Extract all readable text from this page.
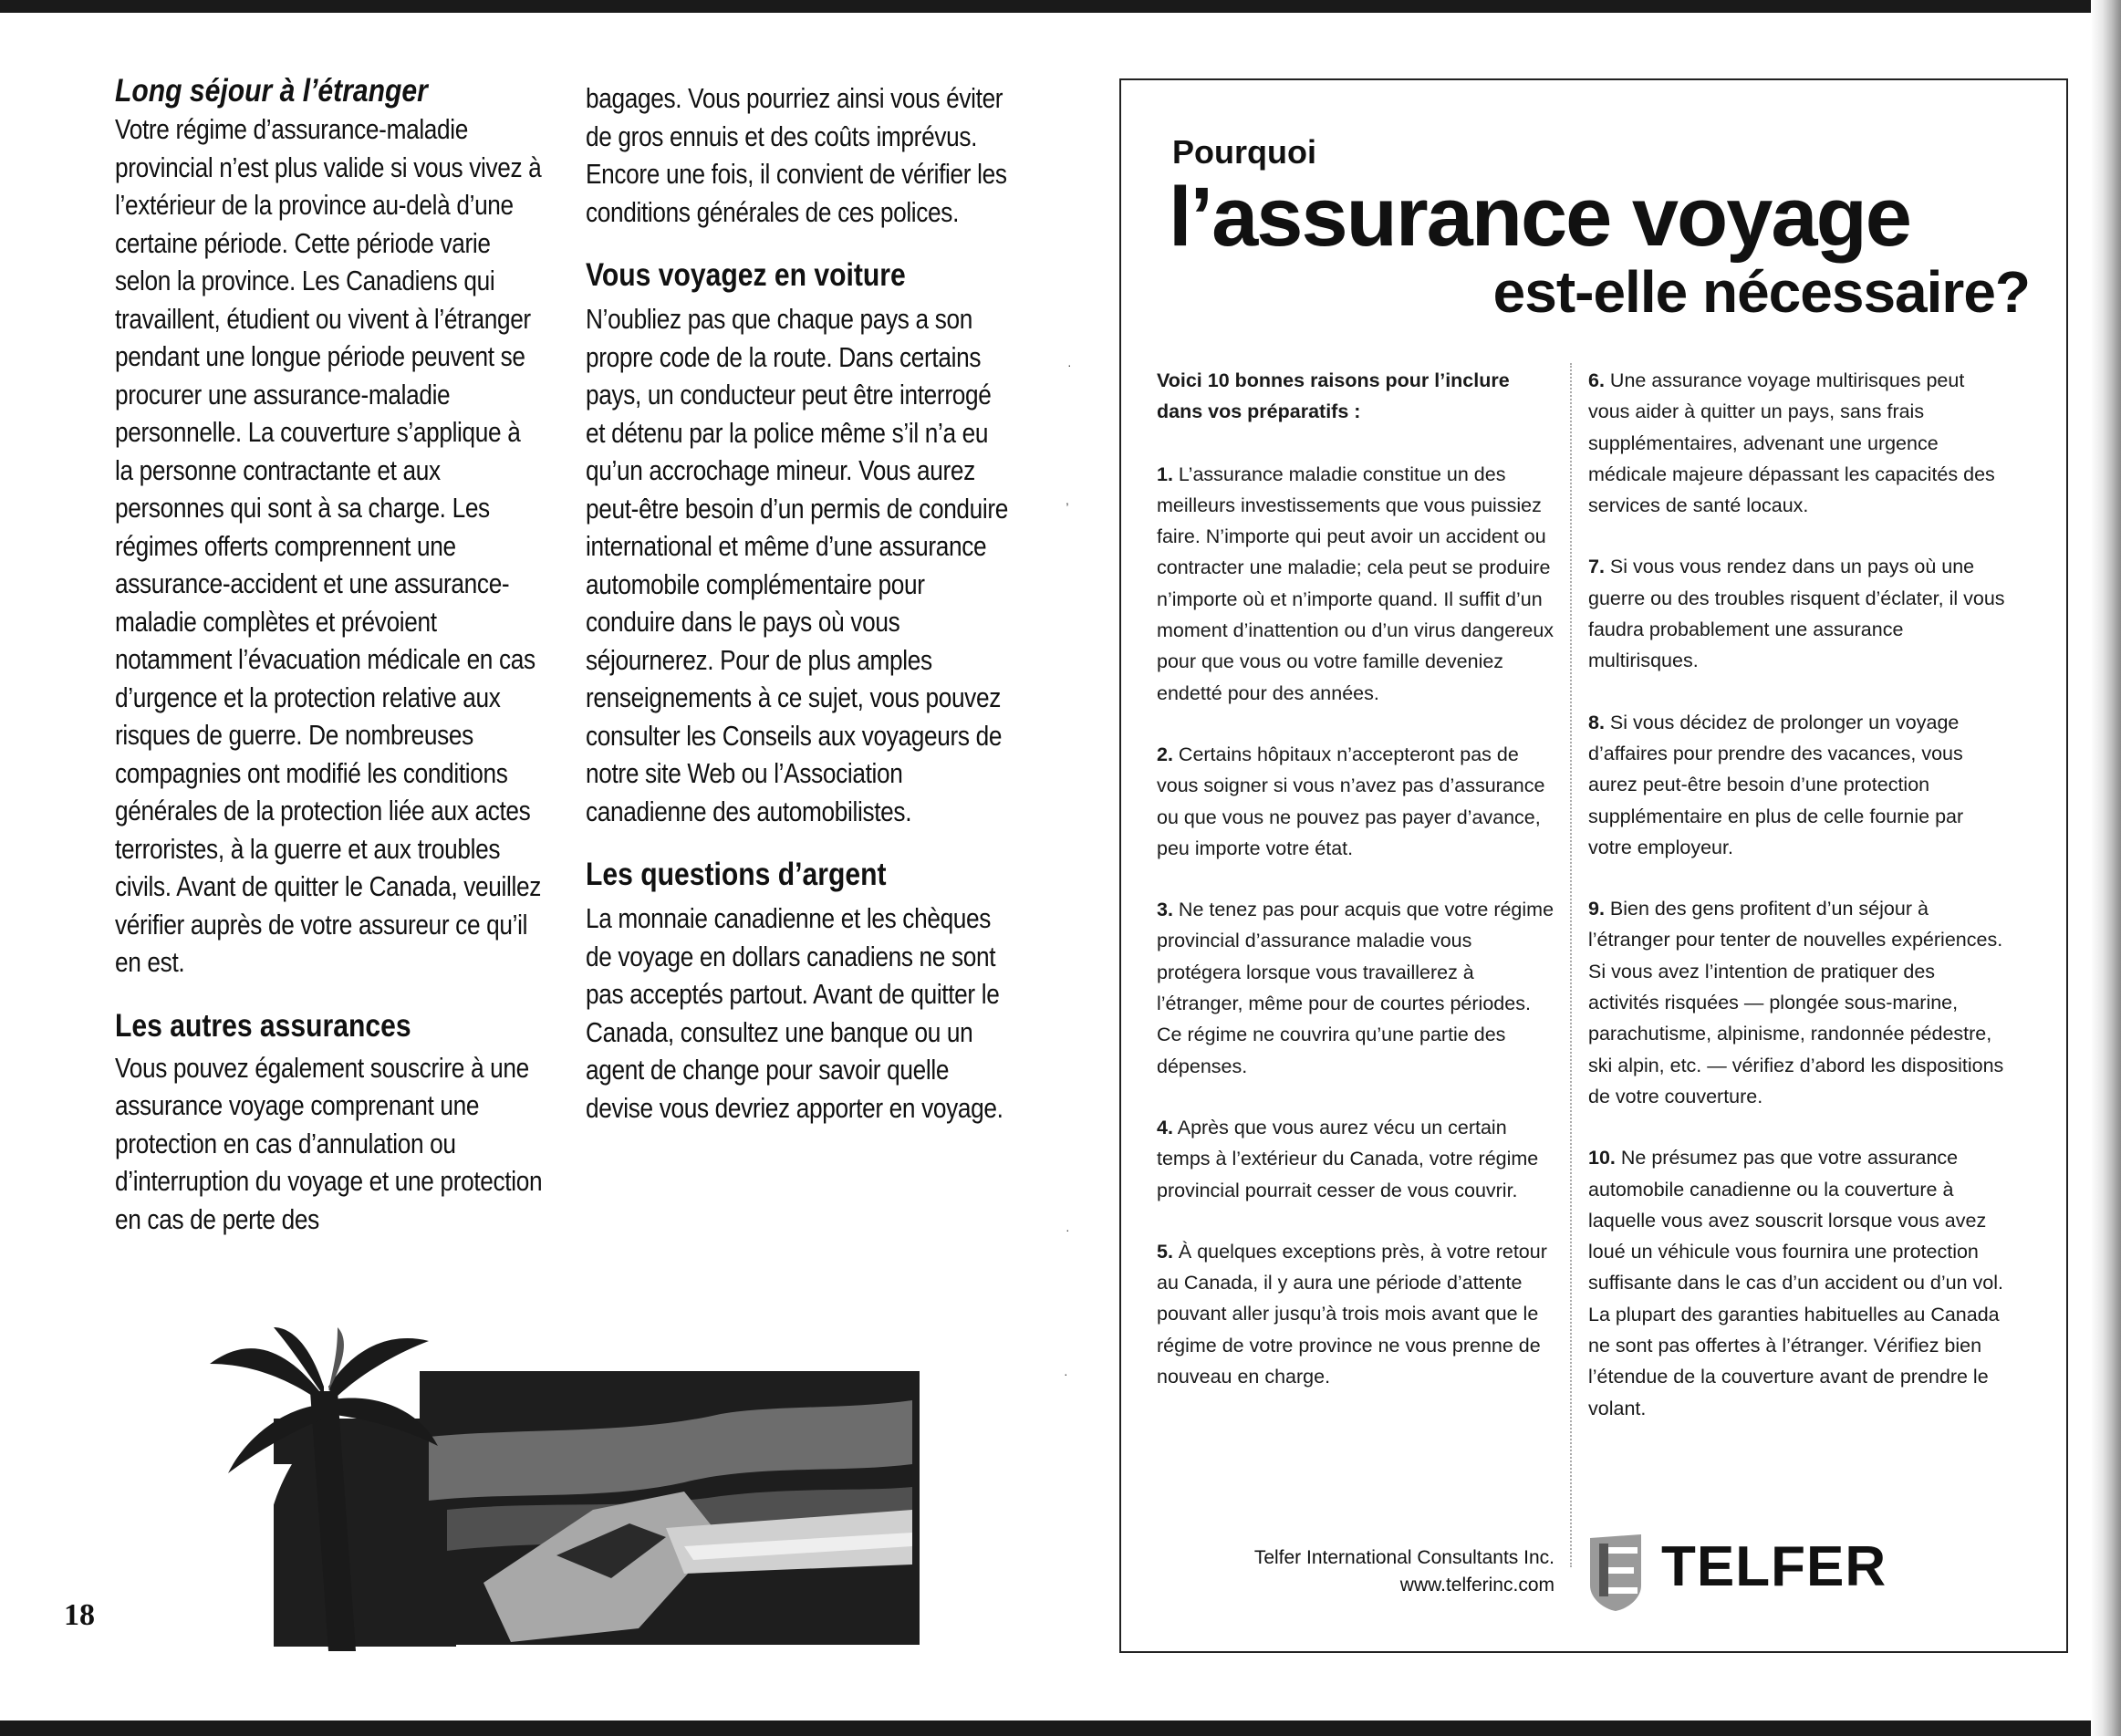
Long séjour à l’étranger

Votre régime d’assurance-maladie provincial n’est plus valide si vous vivez à l’extérieur de la province au-delà d’une certaine période. Cette période varie selon la province. Les Canadiens qui travaillent, étudient ou vivent à l’étranger pendant une longue période peuvent se procurer une assurance-maladie personnelle. La couverture s’applique à la personne contractante et aux personnes qui sont à sa charge. Les régimes offerts comprennent une assurance-accident et une assurance-maladie complètes et prévoient notamment l’évacuation médicale en cas d’urgence et la protection relative aux risques de guerre. De nombreuses compagnies ont modifié les conditions générales de la protection liée aux actes terroristes, à la guerre et aux troubles civils. Avant de quitter le Canada, veuillez vérifier auprès de votre assureur ce qu’il en est.

Les autres assurances

Vous pouvez également souscrire à une assurance voyage comprenant une protection en cas d’annulation ou d’interruption du voyage et une protection en cas de perte des

bagages. Vous pourriez ainsi vous éviter de gros ennuis et des coûts imprévus. Encore une fois, il convient de vérifier les conditions générales de ces polices.

Vous voyagez en voiture

N’oubliez pas que chaque pays a son propre code de la route. Dans certains pays, un conducteur peut être interrogé et détenu par la police même s’il n’a eu qu’un accrochage mineur. Vous aurez peut-être besoin d’un permis de conduire international et même d’une assurance automobile complémentaire pour conduire dans le pays où vous séjournerez. Pour de plus amples renseignements à ce sujet, vous pouvez consulter les Conseils aux voyageurs de notre site Web ou l’Association canadienne des automobilistes.

Les questions d’argent

La monnaie canadienne et les chèques de voyage en dollars canadiens ne sont pas acceptés partout. Avant de quitter le Canada, consultez une banque ou un agent de change pour savoir quelle devise vous devriez apporter en voyage.

·
,
·
·
18
Pourquoi
l’assurance voyage
est-elle nécessaire?

Voici 10 bonnes raisons pour l’inclure dans vos préparatifs :

1. L’assurance maladie constitue un des meilleurs investissements que vous puissiez faire. N’importe qui peut avoir un accident ou contracter une maladie; cela peut se produire n’importe où et n’importe quand. Il suffit d’un moment d’inattention ou d’un virus dangereux pour que vous ou votre famille deveniez endetté pour des années.

2. Certains hôpitaux n’accepteront pas de vous soigner si vous n’avez pas d’assurance ou que vous ne pouvez pas payer d’avance, peu importe votre état.

3. Ne tenez pas pour acquis que votre régime provincial d’assurance maladie vous protégera lorsque vous travaillerez à l’étranger, même pour de courtes périodes. Ce régime ne couvrira qu’une partie des dépenses.

4. Après que vous aurez vécu un certain temps à l’extérieur du Canada, votre régime provincial pourrait cesser de vous couvrir.

5. À quelques exceptions près, à votre retour au Canada, il y aura une période d’attente pouvant aller jusqu’à trois mois avant que le régime de votre province ne vous prenne de nouveau en charge.

6. Une assurance voyage multirisques peut vous aider à quitter un pays, sans frais supplémentaires, advenant une urgence médicale majeure dépassant les capacités des services de santé locaux.

7. Si vous vous rendez dans un pays où une guerre ou des troubles risquent d’éclater, il vous faudra probablement une assurance multirisques.

8. Si vous décidez de prolonger un voyage d’affaires pour prendre des vacances, vous aurez peut-être besoin d’une protection supplémentaire en plus de celle fournie par votre employeur.

9. Bien des gens profitent d’un séjour à l’étranger pour tenter de nouvelles expériences. Si vous avez l’intention de pratiquer des activités risquées — plongée sous-marine, parachutisme, alpinisme, randonnée pédestre, ski alpin, etc. — vérifiez d’abord les dispositions de votre couverture.

10. Ne présumez pas que votre assurance automobile canadienne ou la couverture à laquelle vous avez souscrit lorsque vous avez loué un véhicule vous fournira une protection suffisante dans le cas d’un accident ou d’un vol. La plupart des garanties habituelles au Canada ne sont pas offertes à l’étranger. Vérifiez bien l’étendue de la couverture avant de prendre le volant.

Telfer International Consultants Inc.
www.telferinc.com TELFER
